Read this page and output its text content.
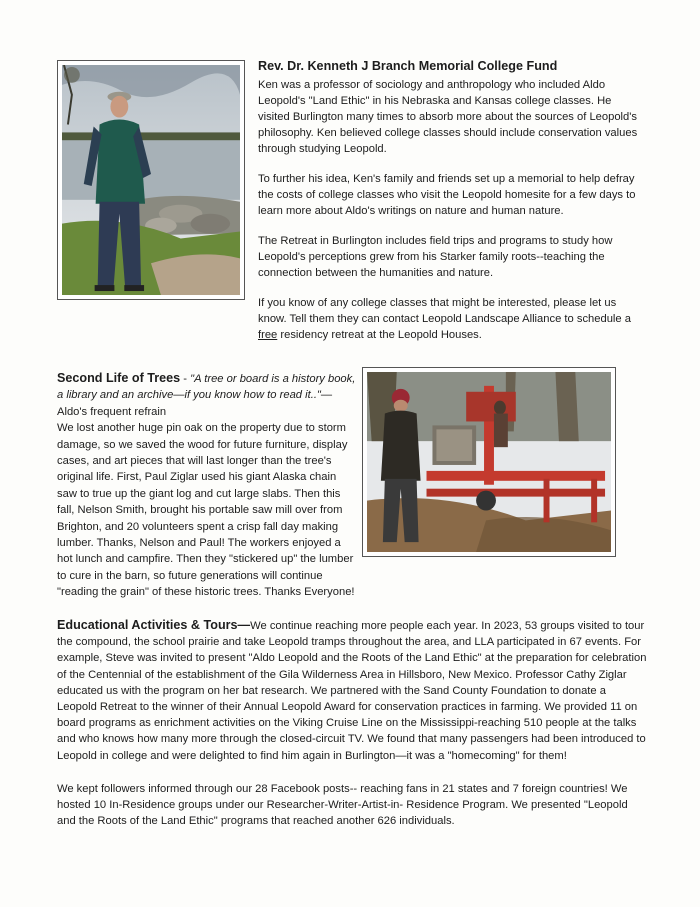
Rev. Dr. Kenneth J Branch Memorial College Fund

Ken was a professor of sociology and anthropology who included Aldo Leopold's "Land Ethic" in his Nebraska and Kansas college classes. He visited Burlington many times to absorb more about the sources of Leopold's philosophy. Ken believed college classes should include conservation values through studying Leopold.

To further his idea, Ken's family and friends set up a memorial to help defray the costs of college classes who visit the Leopold homesite for a few days to learn more about Aldo's writings on nature and human nature.

The Retreat in Burlington includes field trips and programs to study how Leopold's perceptions grew from his Starker family roots--teaching the connection between the humanities and nature.

If you know of any college classes that might be interested, please let us know. Tell them they can contact Leopold Landscape Alliance to schedule a free residency retreat at the Leopold Houses.

Second Life of Trees - "A tree or board is a history book, a library and an archive—if you know how to read it.."—Aldo's frequent refrain

We lost another huge pin oak on the property due to storm damage, so we saved the wood for future furniture, display cases, and art pieces that will last longer than the tree's original life. First, Paul Ziglar used his giant Alaska chain saw to true up the giant log and cut large slabs. Then this fall, Nelson Smith, brought his portable saw mill over from Brighton, and 20 volunteers spent a crisp fall day making lumber. Thanks, Nelson and Paul! The workers enjoyed a hot lunch and campfire. Then they "stickered up" the lumber to cure in the barn, so future generations will continue "reading the grain" of these historic trees. Thanks Everyone!

Educational Activities & Tours—We continue reaching more people each year. In 2023, 53 groups visited to tour the compound, the school prairie and take Leopold tramps throughout the area, and LLA participated in 67 events. For example, Steve was invited to present "Aldo Leopold and the Roots of the Land Ethic" at the preparation for celebration of the Centennial of the establishment of the Gila Wilderness Area in Hillsboro, New Mexico. Professor Cathy Ziglar educated us with the program on her bat research. We partnered with the Sand County Foundation to donate a Leopold Retreat to the winner of their Annual Leopold Award for conservation practices in farming. We provided 11 on board programs as enrichment activities on the Viking Cruise Line on the Mississippi-reaching 510 people at the talks and who knows how many more through the closed-circuit TV. We found that many passengers had been introduced to Leopold in college and were delighted to find him again in Burlington—it was a "homecoming" for them!

We kept followers informed through our 28 Facebook posts-- reaching fans in 21 states and 7 foreign countries! We hosted 10 In-Residence groups under our Researcher-Writer-Artist-in- Residence Program. We presented "Leopold and the Roots of the Land Ethic" programs that reached another 626 individuals.
